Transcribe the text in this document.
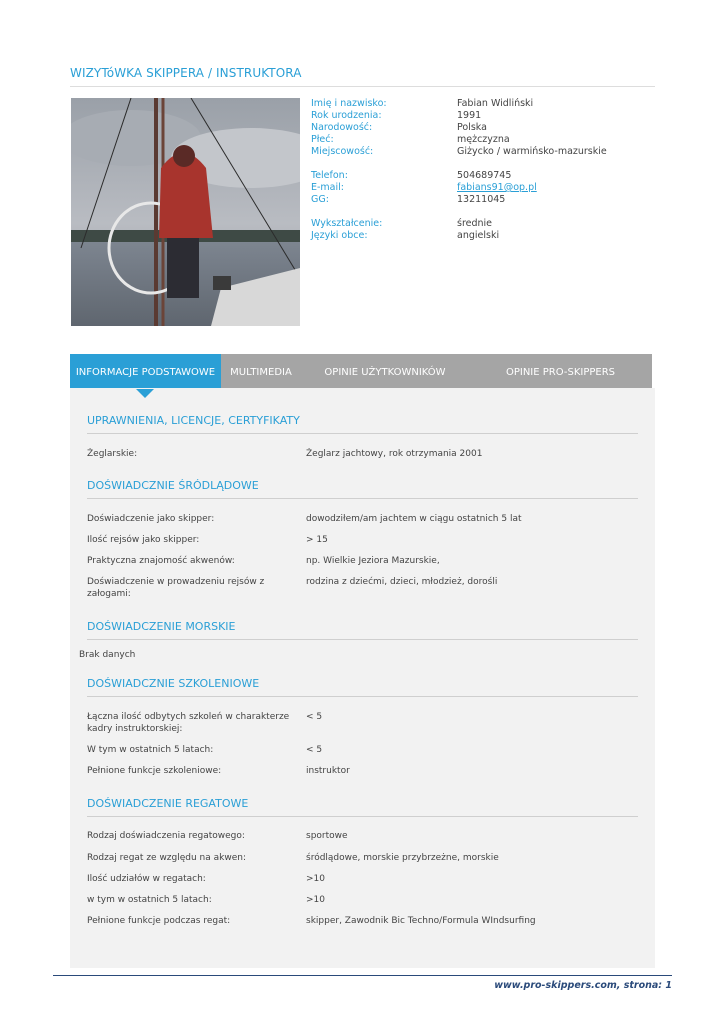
WIZYTóWKA SKIPPERA / INSTRUKTORA
Imię i nazwisko:	Fabian Widliński
Rok urodzenia:	1991
Narodowość:	Polska
Płeć:	mężczyzna
Miejscowość:	Giżycko / warmińsko-mazurskie
Telefon:	504689745
E-mail:	fabians91@op.pl
GG:	13211045
Wykształcenie:	średnie
Języki obce:	angielski
INFORMACJE PODSTAWOWE	MULTIMEDIA	OPINIE UŻYTKOWNIKÓW	OPINIE PRO-SKIPPERS
UPRAWNIENIA, LICENCJE, CERTYFIKATY
Żeglarskie:	Żeglarz jachtowy, rok otrzymania 2001
DOŚWIADCZNIE ŚRÓDLĄDOWE
Doświadczenie jako skipper:	dowodziłem/am jachtem w ciągu ostatnich 5 lat
Ilość rejsów jako skipper:	> 15
Praktyczna znajomość akwenów:	np. Wielkie Jeziora Mazurskie,
Doświadczenie w prowadzeniu rejsów z załogami:
rodzina z dziećmi, dzieci, młodzież, dorośli
DOŚWIADCZENIE MORSKIE
Brak danych
DOŚWIADCZNIE SZKOLENIOWE
Łączna ilość odbytych szkoleń w charakterze kadry instruktorskiej:
< 5
W tym w ostatnich 5 latach:	< 5
Pełnione funkcje szkoleniowe:	instruktor
DOŚWIADCZENIE REGATOWE
Rodzaj doświadczenia regatowego:	sportowe
Rodzaj regat ze względu na akwen:	śródlądowe, morskie przybrzeżne, morskie
Ilość udziałów w regatach:	>10
w tym w ostatnich 5 latach:	>10
Pełnione funkcje podczas regat:	skipper, Zawodnik Bic Techno/Formula WIndsurfing
www.pro-skippers.com, strona: 1
